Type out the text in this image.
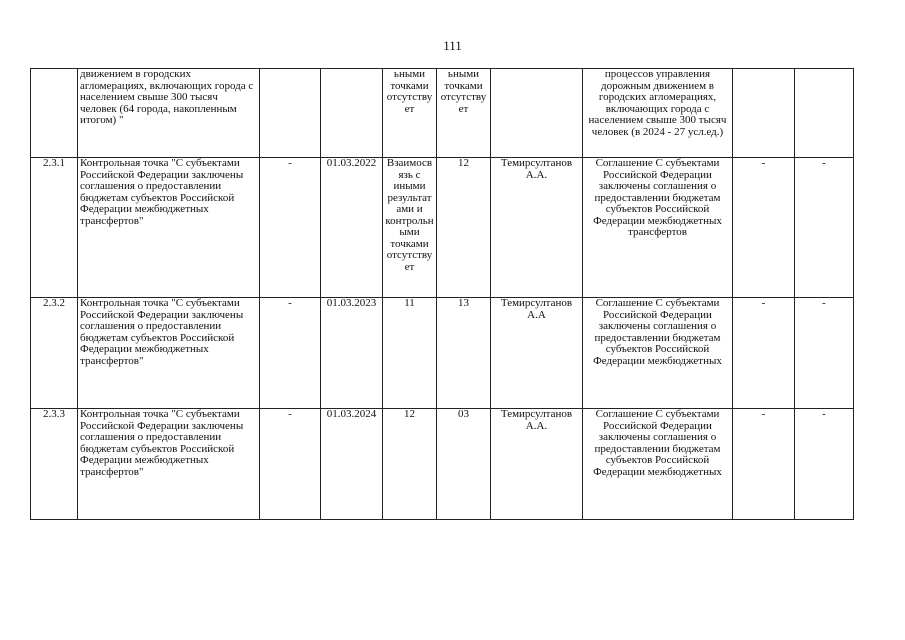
111
	движением в городских агломерациях, включающих города с населением свыше 300 тысяч человек (64 города, накопленным итогом) "			ьными точками отсутствует	ьными точками отсутствует		процессов управления дорожным движением в городских агломерациях, включающих города с населением свыше 300 тысяч человек (в 2024 - 27 усл.ед.)		
2.3.1	Контрольная точка "С субъектами Российской Федерации заключены соглашения о предоставлении бюджетам субъектов Российской Федерации межбюджетных трансфертов"	-	01.03.2022	Взаимосвязь с иными результатами и контрольными точками отсутствует	12	Темирсултанов А.А.	Соглашение С субъектами Российской Федерации заключены соглашения о предоставлении бюджетам субъектов Российской Федерации межбюджетных трансфертов	-	-
2.3.2	Контрольная точка "С субъектами Российской Федерации заключены соглашения о предоставлении бюджетам субъектов Российской Федерации межбюджетных трансфертов"	-	01.03.2023	11	13	Темирсултанов А.А	Соглашение С субъектами Российской Федерации заключены соглашения о предоставлении бюджетам субъектов Российской Федерации межбюджетных	-	-
2.3.3	Контрольная точка "С субъектами Российской Федерации заключены соглашения о предоставлении бюджетам субъектов Российской Федерации межбюджетных трансфертов"	-	01.03.2024	12	03	Темирсултанов А.А.	Соглашение С субъектами Российской Федерации заключены соглашения о предоставлении бюджетам субъектов Российской Федерации межбюджетных	-	-
